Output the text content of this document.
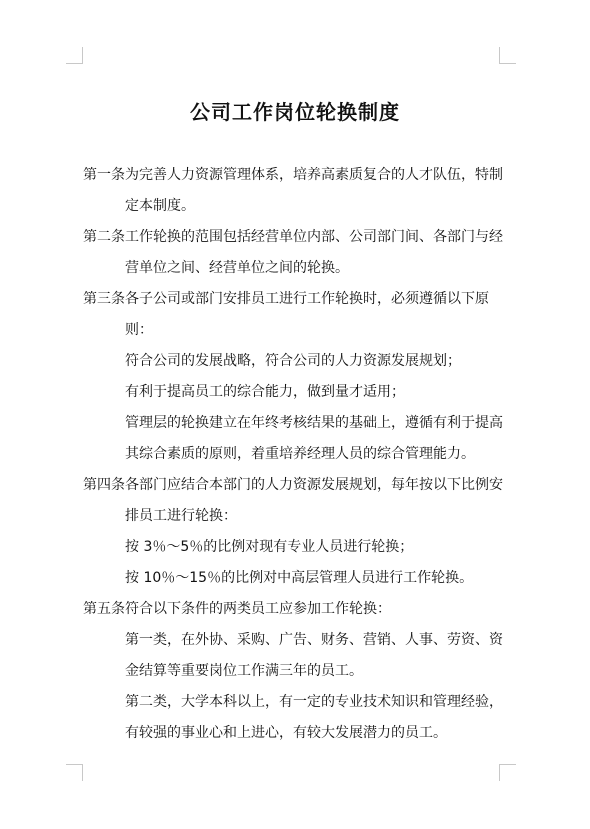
公司工作岗位轮换制度
第一条为完善人力资源管理体系，培养高素质复合的人才队伍，特制
定本制度。
第二条工作轮换的范围包括经营单位内部、公司部门间、各部门与经
营单位之间、经营单位之间的轮换。
第三条各子公司或部门安排员工进行工作轮换时，必须遵循以下原
则：
符合公司的发展战略，符合公司的人力资源发展规划；
有利于提高员工的综合能力，做到量才适用；
管理层的轮换建立在年终考核结果的基础上，遵循有利于提高
其综合素质的原则，着重培养经理人员的综合管理能力。
第四条各部门应结合本部门的人力资源发展规划，每年按以下比例安
排员工进行轮换：
按 3％～5％的比例对现有专业人员进行轮换；
按 10％～15％的比例对中高层管理人员进行工作轮换。
第五条符合以下条件的两类员工应参加工作轮换：
第一类，在外协、采购、广告、财务、营销、人事、劳资、资
金结算等重要岗位工作满三年的员工。
第二类，大学本科以上，有一定的专业技术知识和管理经验，
有较强的事业心和上进心，有较大发展潜力的员工。
